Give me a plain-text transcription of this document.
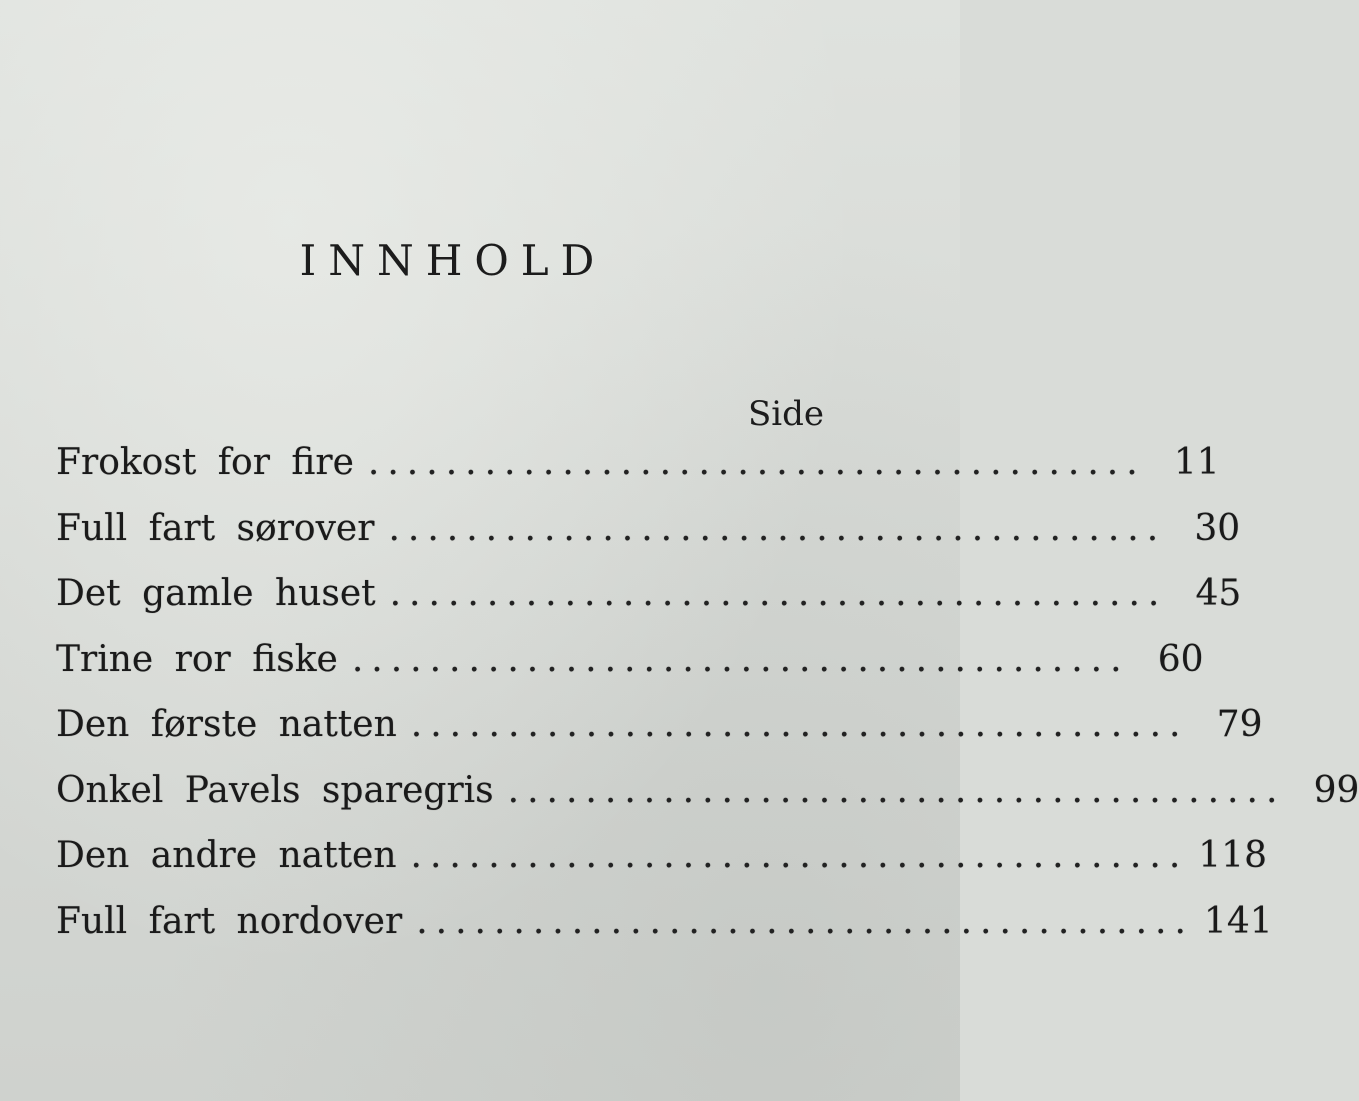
INNHOLD
Side
Frokost for fire ........................................ 11
Full fart sørover ........................................ 30
Det gamle huset ........................................ 45
Trine ror fiske ........................................ 60
Den første natten ........................................ 79
Onkel Pavels sparegris ........................................ 99
Den andre natten ........................................ 118
Full fart nordover ........................................ 141
